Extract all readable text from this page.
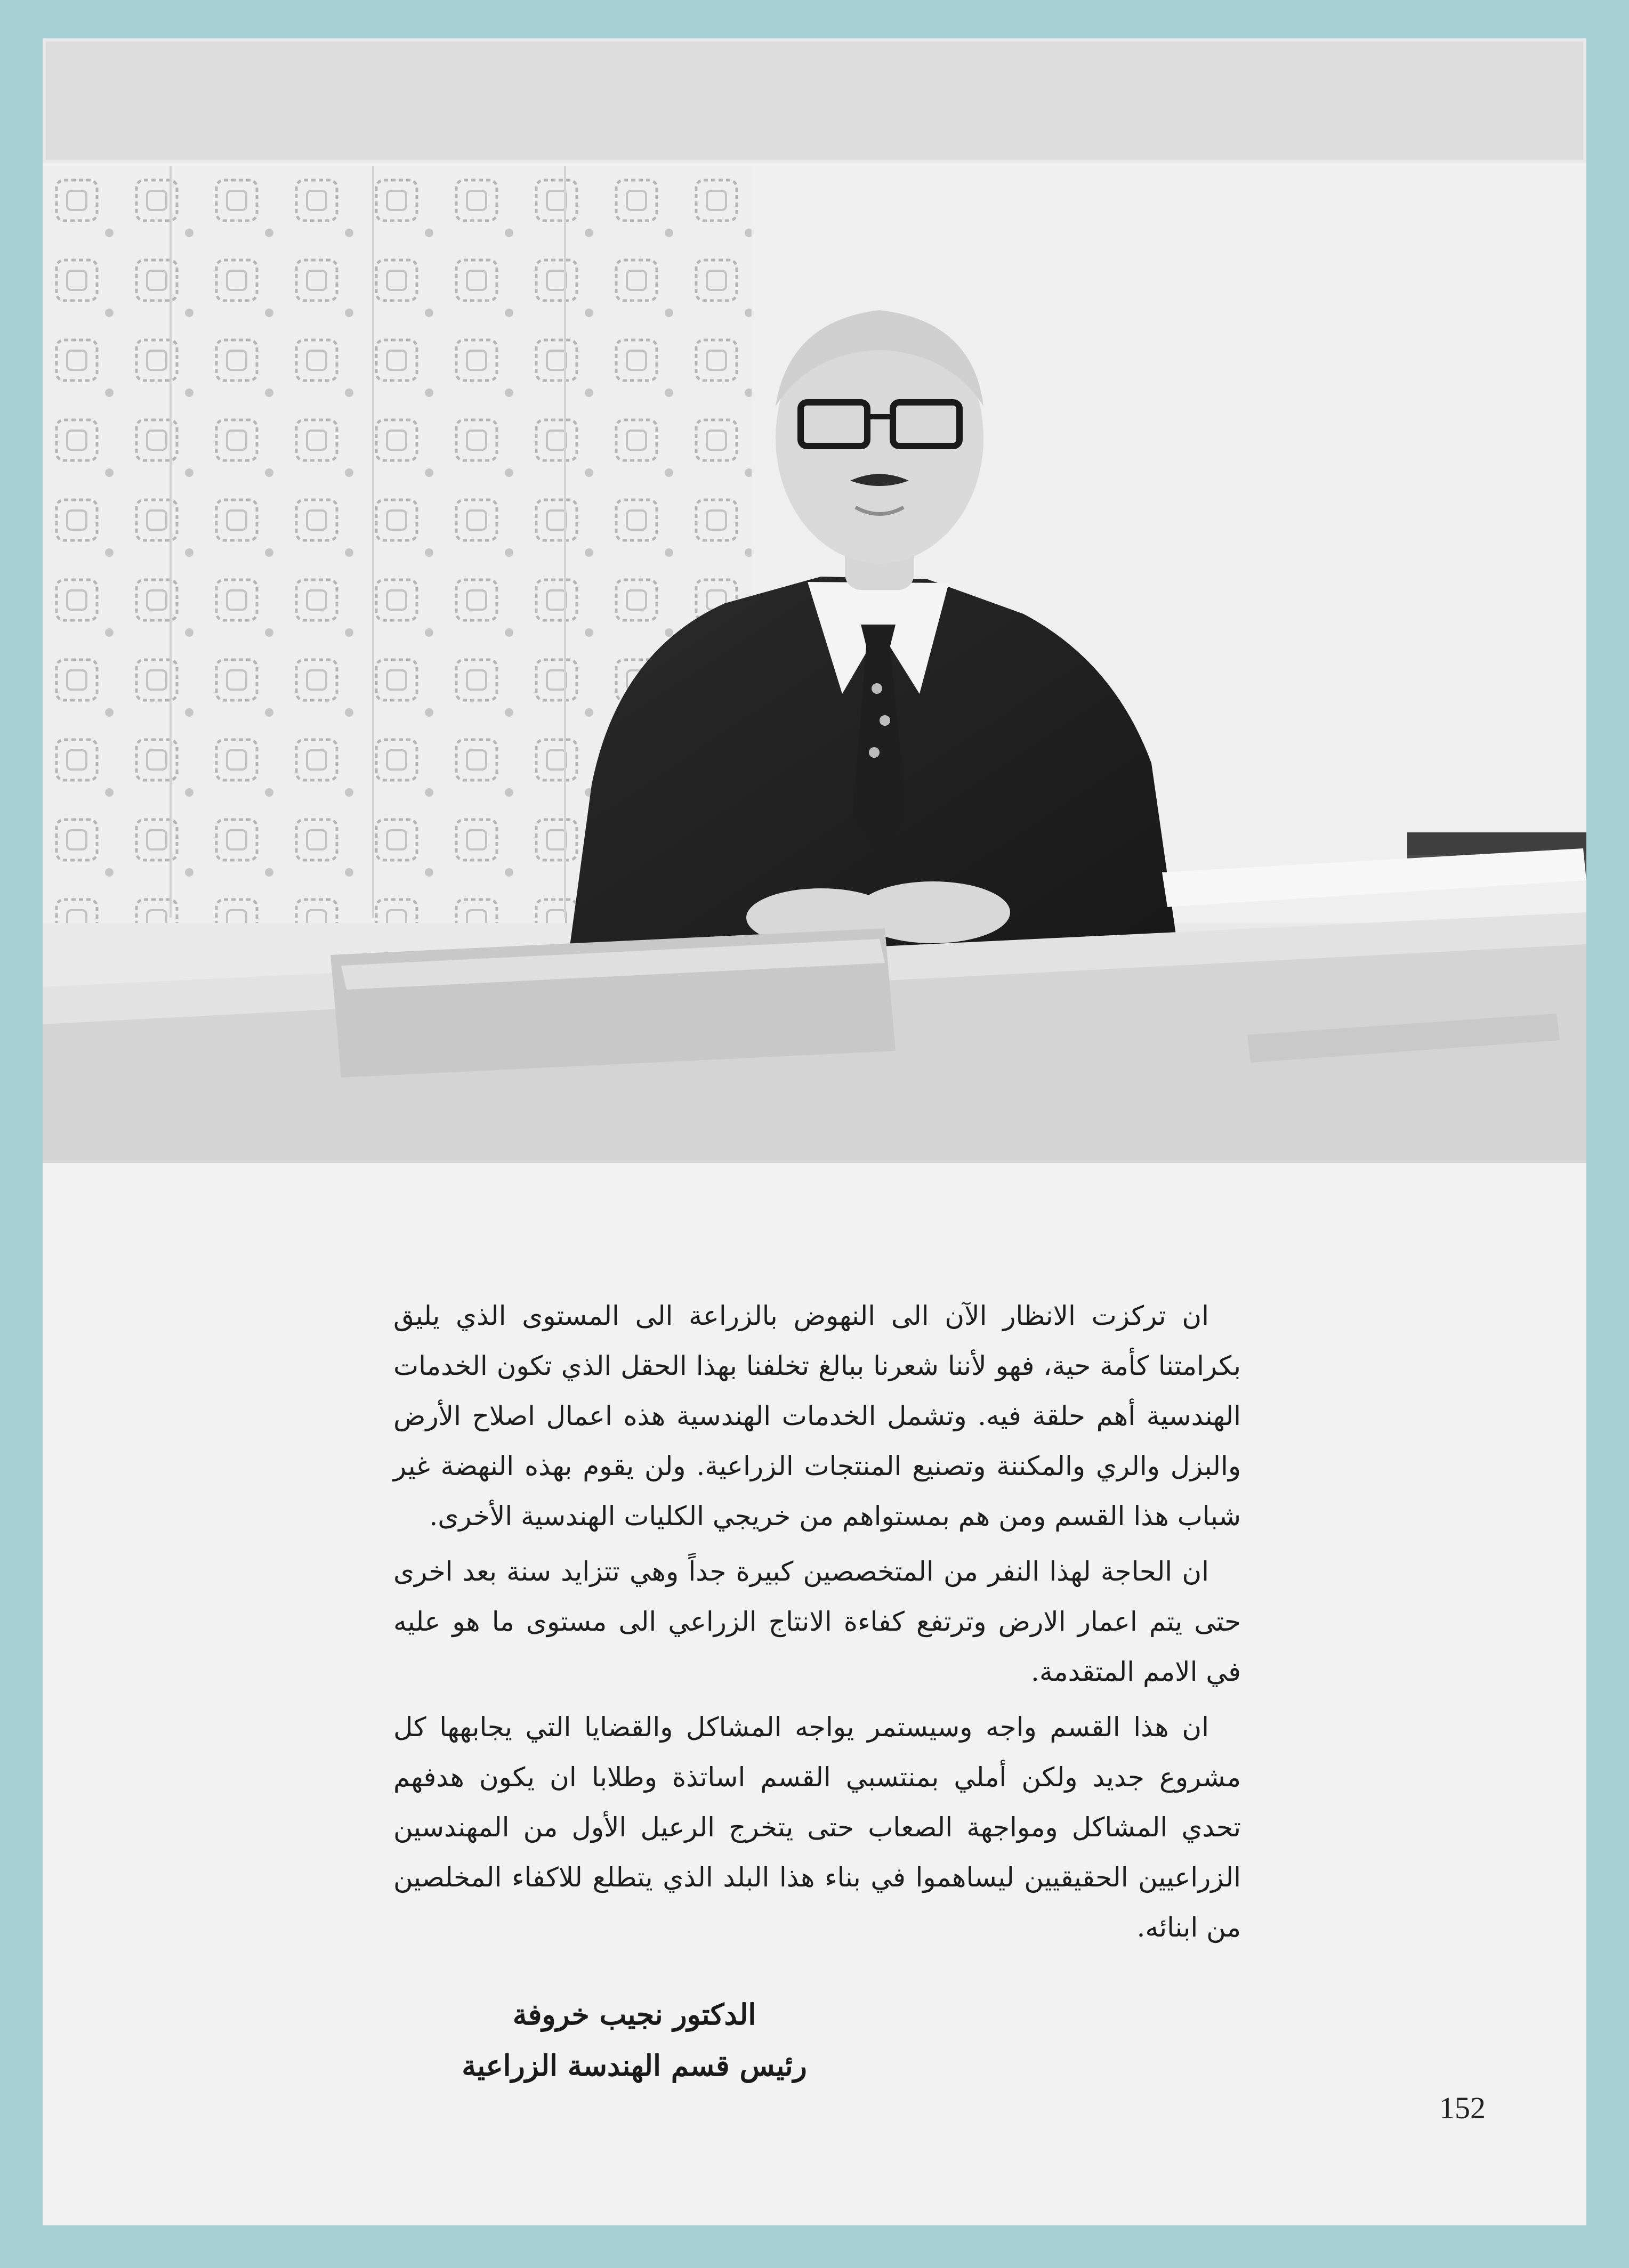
ان تركزت الانظار الآن الى النهوض بالزراعة الى المستوى الذي يليق بكرامتنا كأمة حية، فهو لأننا شعرنا ببالغ تخلفنا بهذا الحقل الذي تكون الخدمات الهندسية أهم حلقة فيه. وتشمل الخدمات الهندسية هذه اعمال اصلاح الأرض والبزل والري والمكننة وتصنيع المنتجات الزراعية. ولن يقوم بهذه النهضة غير شباب هذا القسم ومن هم بمستواهم من خريجي الكليات الهندسية الأخرى.

ان الحاجة لهذا النفر من المتخصصين كبيرة جداً وهي تتزايد سنة بعد اخرى حتى يتم اعمار الارض وترتفع كفاءة الانتاج الزراعي الى مستوى ما هو عليه في الامم المتقدمة.

ان هذا القسم واجه وسيستمر يواجه المشاكل والقضايا التي يجابهها كل مشروع جديد ولكن أملي بمنتسبي القسم اساتذة وطلابا ان يكون هدفهم تحدي المشاكل ومواجهة الصعاب حتى يتخرج الرعيل الأول من المهندسين الزراعيين الحقيقيين ليساهموا في بناء هذا البلد الذي يتطلع للاكفاء المخلصين من ابنائه.

الدكتور نجيب خروفة
رئيس قسم الهندسة الزراعية
152
